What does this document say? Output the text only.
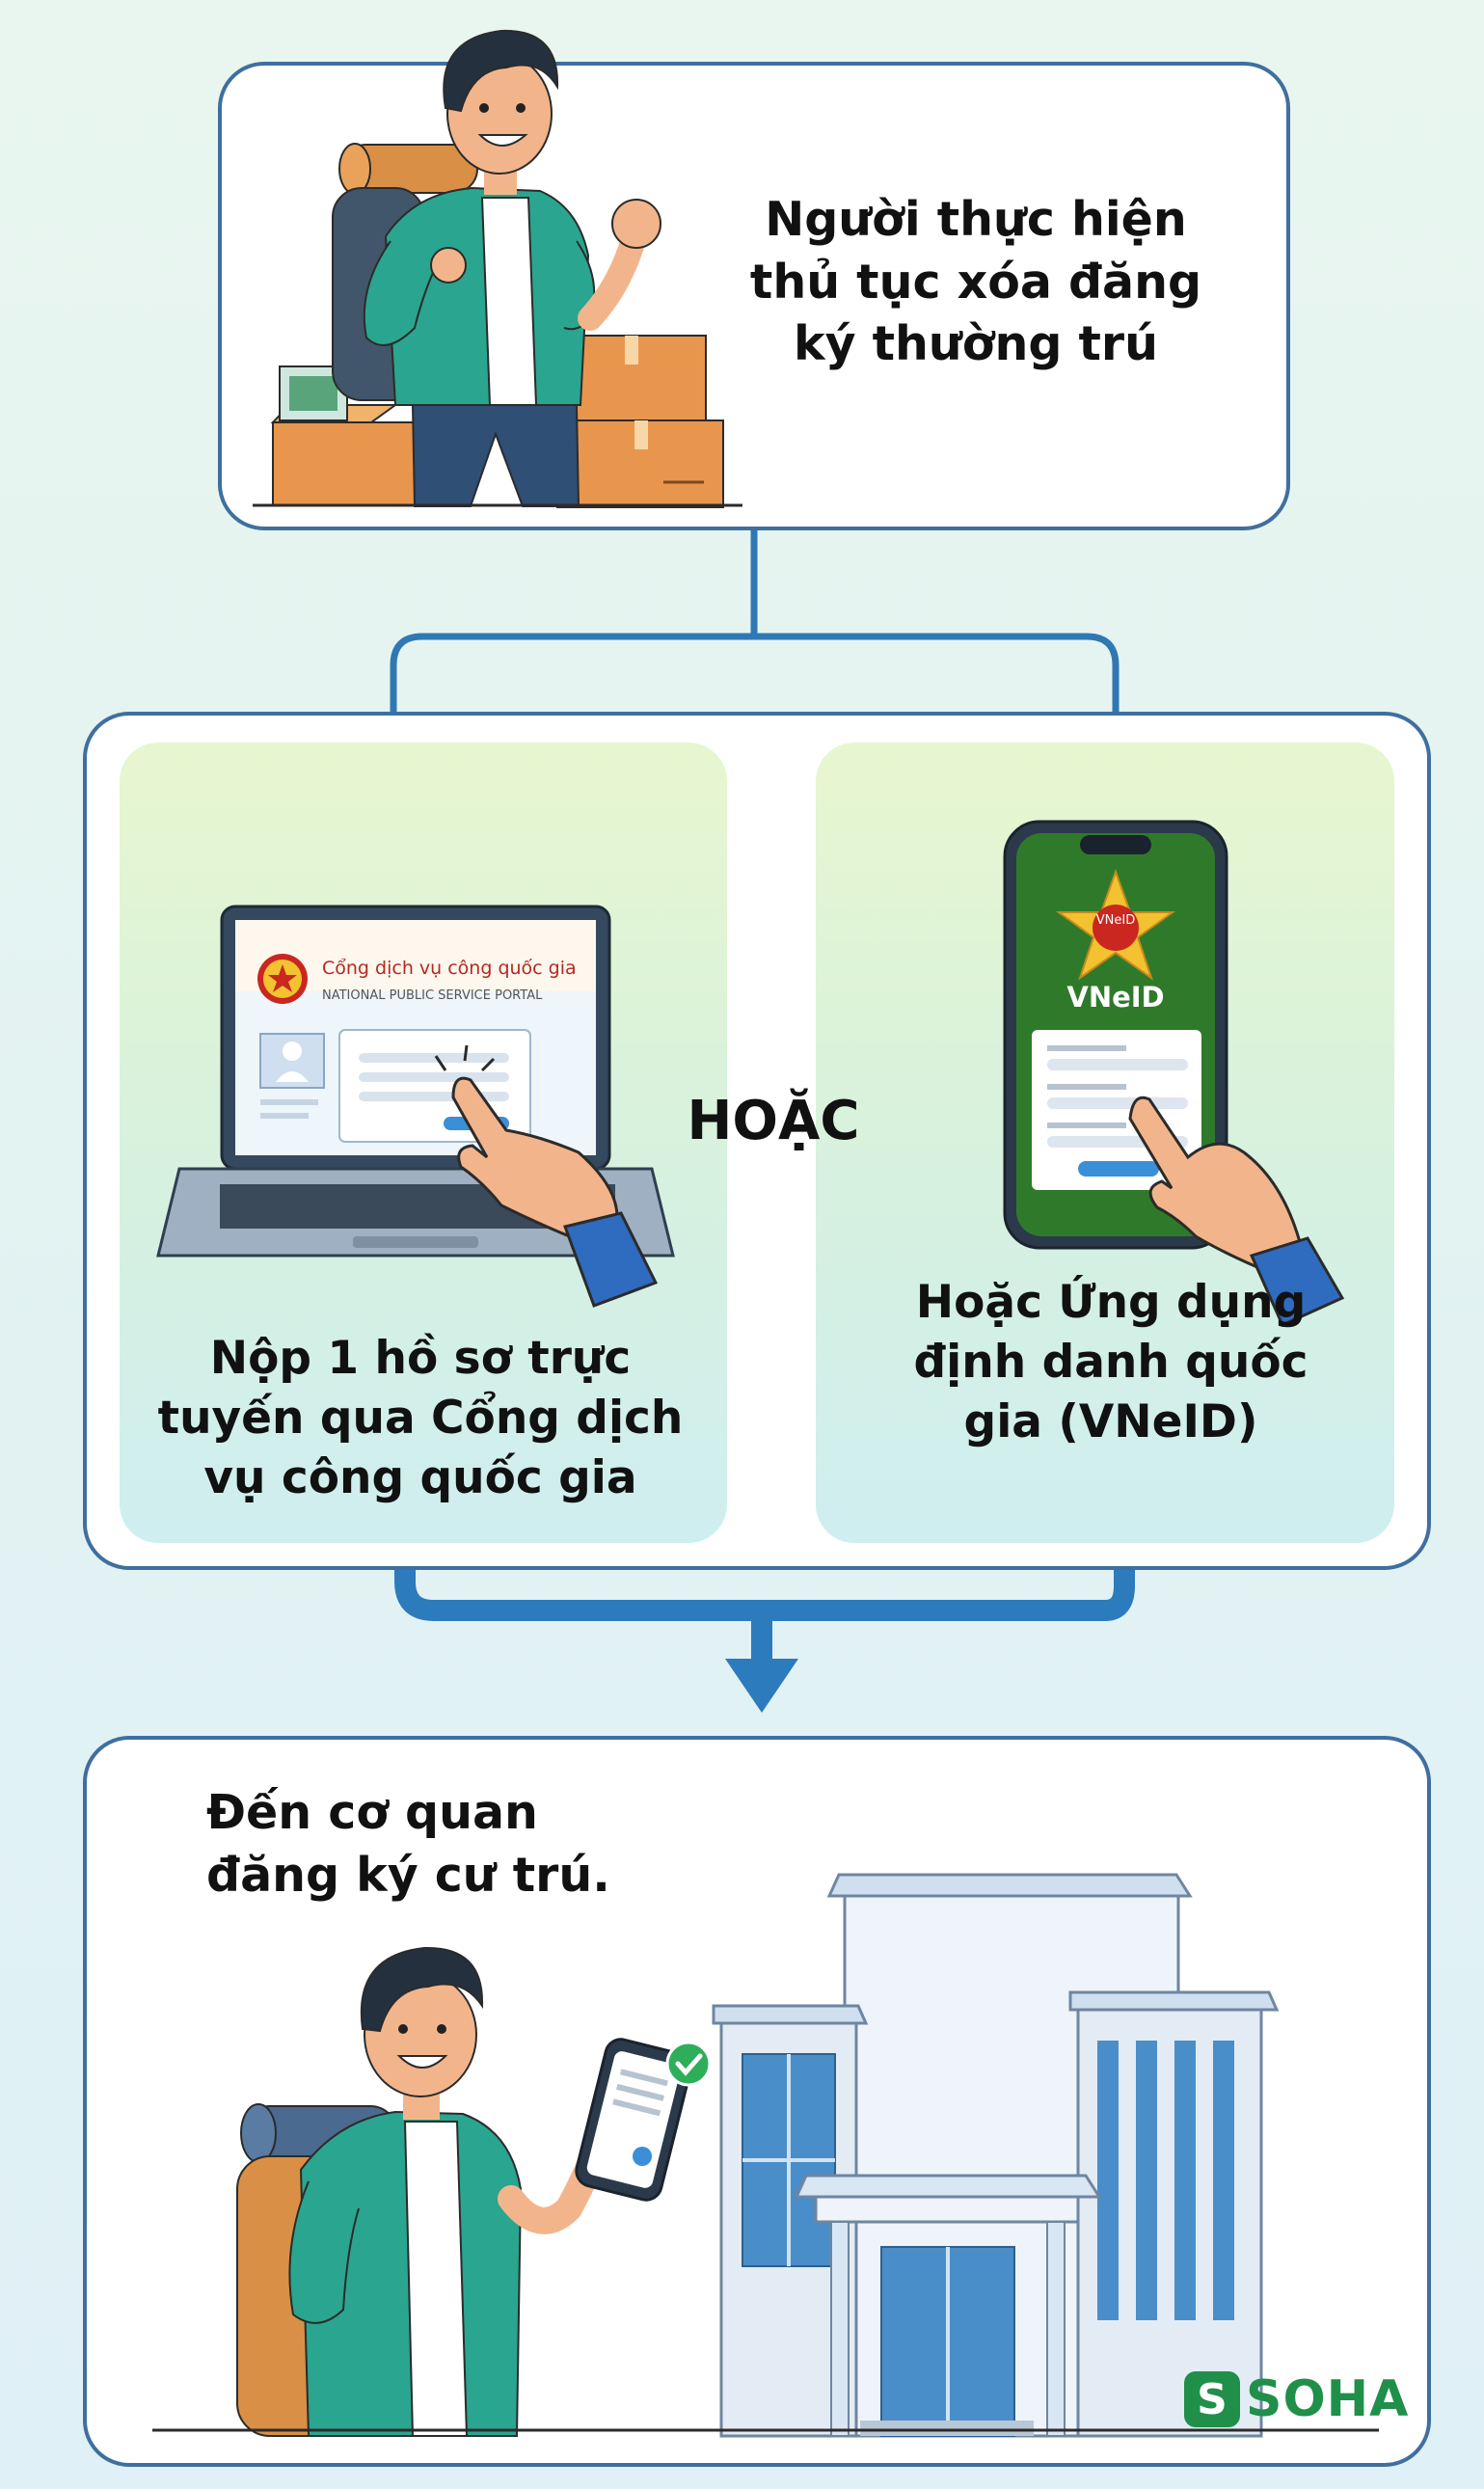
Người thực hiện thủ tục xóa đăng ký thường trú
Cổng dịch vụ công quốc gia
NATIONAL PUBLIC SERVICE PORTAL
Nộp 1 hồ sơ trực tuyến qua Cổng dịch vụ công quốc gia
HOẶC
VNeID
VNeID
Hoặc Ứng dụng định danh quốc gia (VNeID)
Đến cơ quan đăng ký cư trú.
S SOHA
